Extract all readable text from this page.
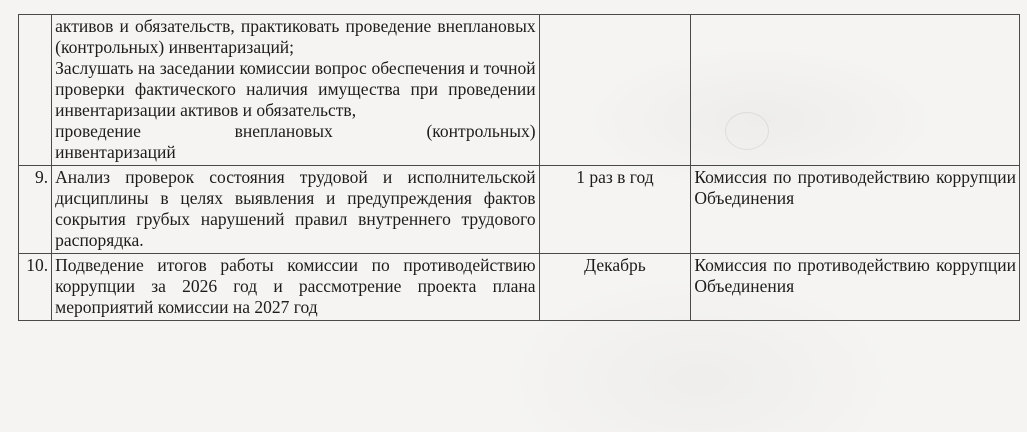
	активов и обязательств, практиковать проведение внеплановых (контрольных) инвентаризаций;
Заслушать на заседании комиссии вопрос обеспечения и точной проверки фактического наличия имущества при проведении инвентаризации активов и обязательств,
проведение внеплановых (контрольных)
инвентаризаций		

9.	Анализ проверок состояния трудовой и исполнительской дисциплины в целях выявления и предупреждения фактов сокрытия грубых нарушений правил внутреннего трудового распорядка.	1 раз в год	Комиссия по противодействию коррупции Объединения

10.	Подведение итогов работы комиссии по противодействию коррупции за 2026 год и рассмотрение проекта плана мероприятий комиссии на 2027 год	Декабрь	Комиссия по противодействию коррупции Объединения
